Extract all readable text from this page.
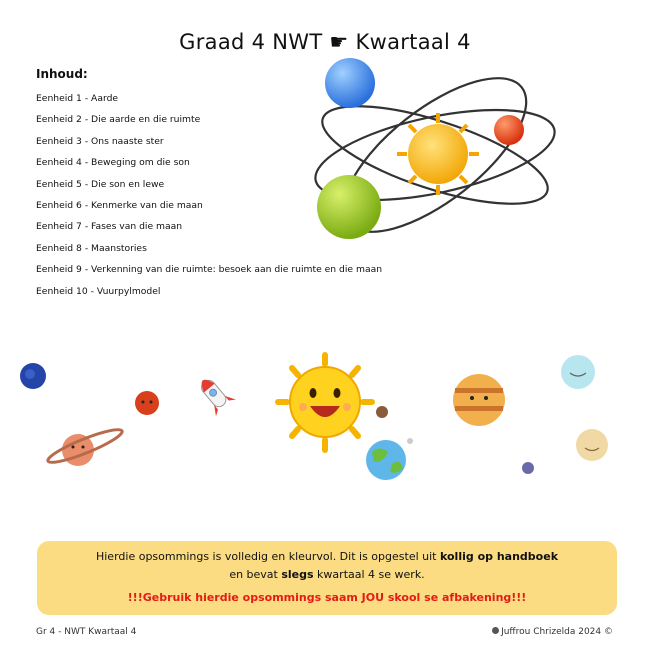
Graad 4 NWT ☛ Kwartaal 4
Inhoud:
Eenheid 1 - Aarde
Eenheid 2 - Die aarde en die ruimte
Eenheid 3 - Ons naaste ster
Eenheid 4 - Beweging om die son
Eenheid 5 - Die son en lewe
Eenheid 6 - Kenmerke van die maan
Eenheid 7 - Fases van die maan
Eenheid 8 - Maanstories
Eenheid 9 - Verkenning van die ruimte: besoek aan die ruimte en die maan
Eenheid 10 - Vuurpylmodel
Hierdie opsommings is volledig en kleurvol. Dit is opgestel uit kollig op handboek
en bevat slegs kwartaal 4 se werk.
!!!Gebruik hierdie opsommings saam JOU skool se afbakening!!!
Gr 4 - NWT Kwartaal 4	Juffrou Chrizelda 2024 ©
